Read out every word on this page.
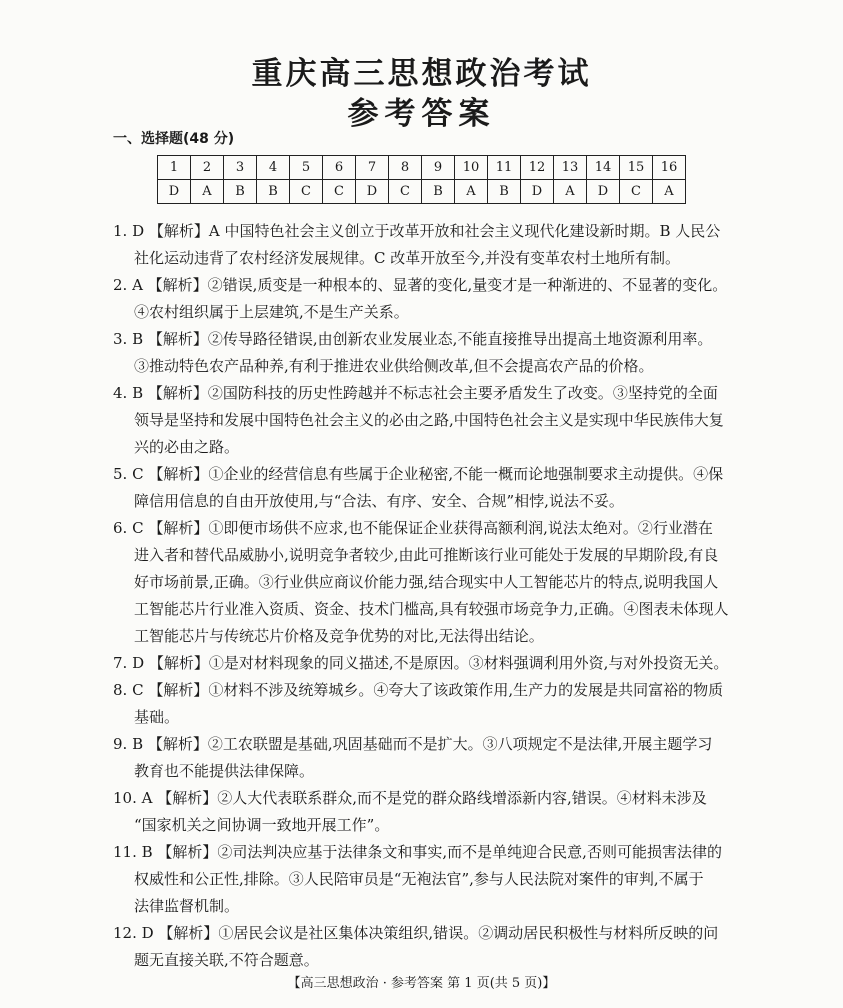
重庆高三思想政治考试
参考答案
一、选择题(48 分)
1	2	3	4	5	6	7	8	9	10	11	12	13	14	15	16
D	A	B	B	C	C	D	C	B	A	B	D	A	D	C	A
1. D 【解析】A 中国特色社会主义创立于改革开放和社会主义现代化建设新时期。B 人民公
社化运动违背了农村经济发展规律。C 改革开放至今,并没有变革农村土地所有制。
2. A 【解析】②错误,质变是一种根本的、显著的变化,量变才是一种渐进的、不显著的变化。
④农村组织属于上层建筑,不是生产关系。
3. B 【解析】②传导路径错误,由创新农业发展业态,不能直接推导出提高土地资源利用率。
③推动特色农产品种养,有利于推进农业供给侧改革,但不会提高农产品的价格。
4. B 【解析】②国防科技的历史性跨越并不标志社会主要矛盾发生了改变。③坚持党的全面
领导是坚持和发展中国特色社会主义的必由之路,中国特色社会主义是实现中华民族伟大复
兴的必由之路。
5. C 【解析】①企业的经营信息有些属于企业秘密,不能一概而论地强制要求主动提供。④保
障信用信息的自由开放使用,与“合法、有序、安全、合规”相悖,说法不妥。
6. C 【解析】①即便市场供不应求,也不能保证企业获得高额利润,说法太绝对。②行业潜在
进入者和替代品威胁小,说明竞争者较少,由此可推断该行业可能处于发展的早期阶段,有良
好市场前景,正确。③行业供应商议价能力强,结合现实中人工智能芯片的特点,说明我国人
工智能芯片行业准入资质、资金、技术门槛高,具有较强市场竞争力,正确。④图表未体现人
工智能芯片与传统芯片价格及竞争优势的对比,无法得出结论。
7. D 【解析】①是对材料现象的同义描述,不是原因。③材料强调利用外资,与对外投资无关。
8. C 【解析】①材料不涉及统筹城乡。④夸大了该政策作用,生产力的发展是共同富裕的物质
基础。
9. B 【解析】②工农联盟是基础,巩固基础而不是扩大。③八项规定不是法律,开展主题学习
教育也不能提供法律保障。
10. A 【解析】②人大代表联系群众,而不是党的群众路线增添新内容,错误。④材料未涉及
“国家机关之间协调一致地开展工作”。
11. B 【解析】②司法判决应基于法律条文和事实,而不是单纯迎合民意,否则可能损害法律的
权威性和公正性,排除。③人民陪审员是“无袍法官”,参与人民法院对案件的审判,不属于
法律监督机制。
12. D 【解析】①居民会议是社区集体决策组织,错误。②调动居民积极性与材料所反映的问
题无直接关联,不符合题意。
【高三思想政治 · 参考答案 第 1 页(共 5 页)】
